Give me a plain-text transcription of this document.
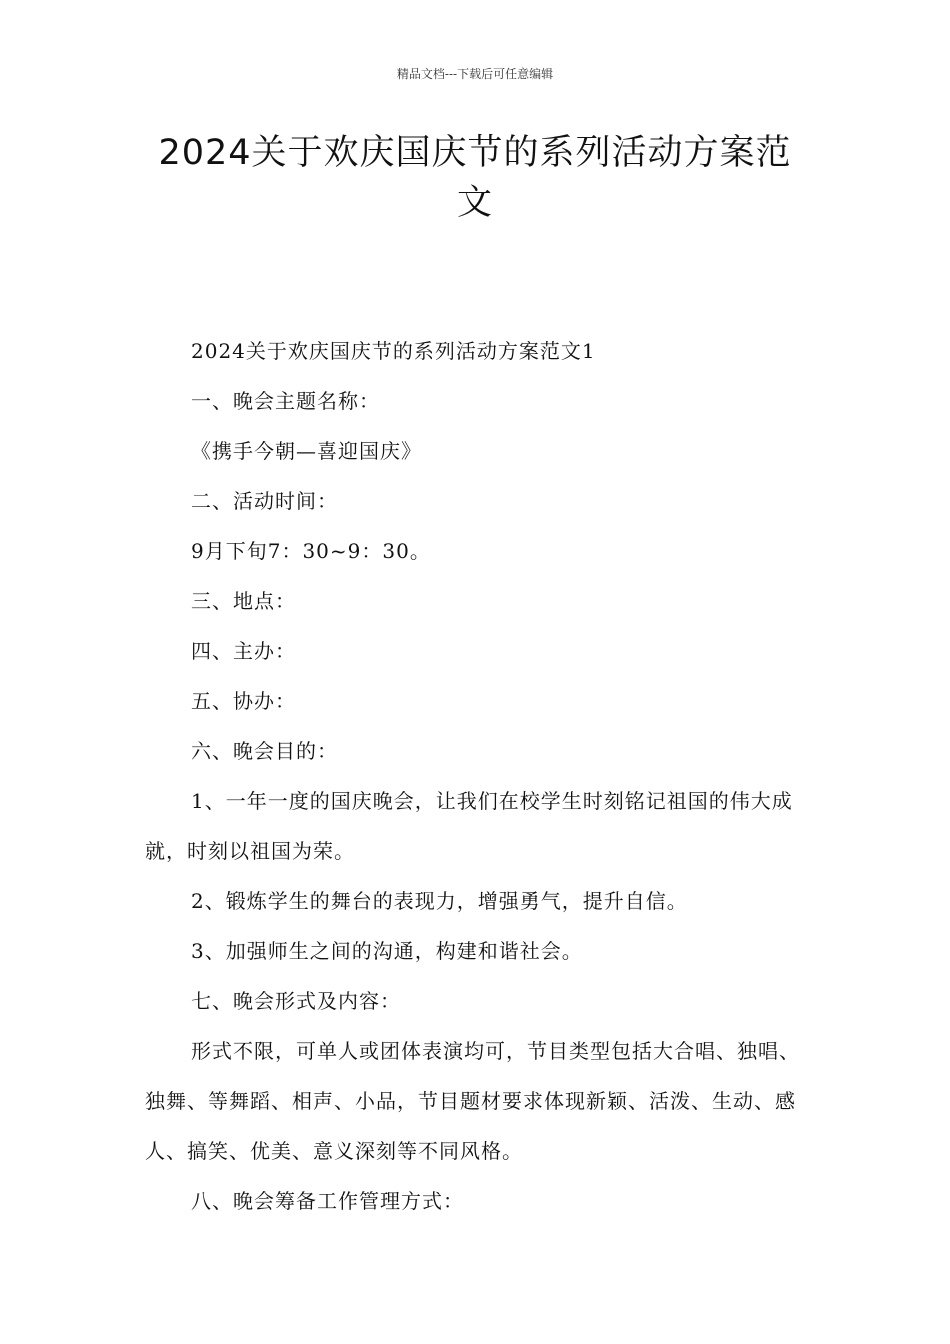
精品文档---下载后可任意编辑
2024关于欢庆国庆节的系列活动方案范
文

2024关于欢庆国庆节的系列活动方案范文1

一、晚会主题名称：

《携手今朝—喜迎国庆》

二、活动时间：

9月下旬7：30~9：30。

三、地点：

四、主办：

五、协办：

六、晚会目的：

1、一年一度的国庆晚会，让我们在校学生时刻铭记祖国的伟大成就，时刻以祖国为荣。

2、锻炼学生的舞台的表现力，增强勇气，提升自信。

3、加强师生之间的沟通，构建和谐社会。

七、晚会形式及内容：

形式不限，可单人或团体表演均可，节目类型包括大合唱、独唱、独舞、等舞蹈、相声、小品，节目题材要求体现新颖、活泼、生动、感人、搞笑、优美、意义深刻等不同风格。

八、晚会筹备工作管理方式：
